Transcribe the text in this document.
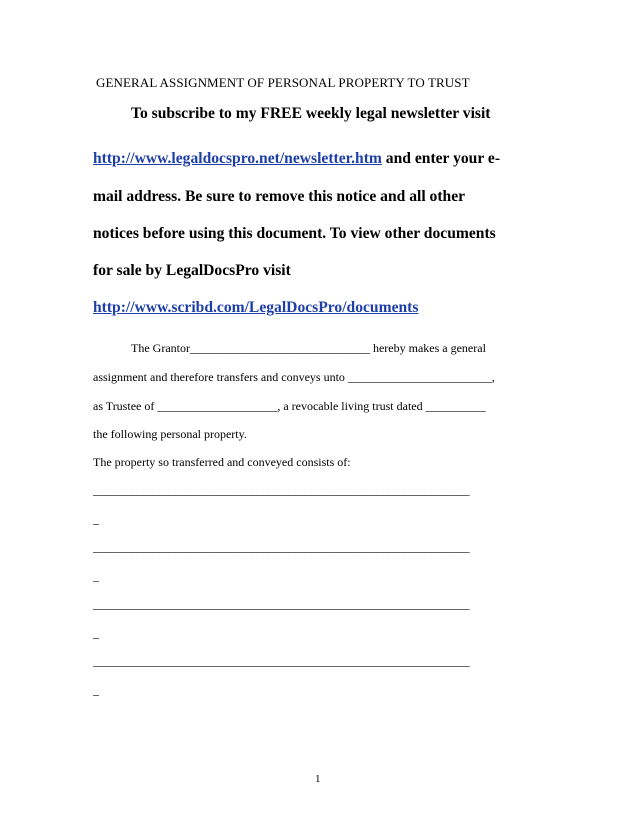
GENERAL ASSIGNMENT OF PERSONAL PROPERTY TO TRUST
To subscribe to my FREE weekly legal newsletter visit
http://www.legaldocspro.net/newsletter.htm and enter your e-
mail address. Be sure to remove this notice and all other
notices before using this document. To view other documents
for sale by LegalDocsPro visit
http://www.scribd.com/LegalDocsPro/documents
The Grantor______________________________ hereby makes a general
assignment and therefore transfers and conveys unto ________________________,
as Trustee of ____________________, a revocable living trust dated __________
the following personal property.
The property so transferred and conveyed consists of:
_____________________________________________________________________
_
_____________________________________________________________________
_
_____________________________________________________________________
_
_____________________________________________________________________
_
1
